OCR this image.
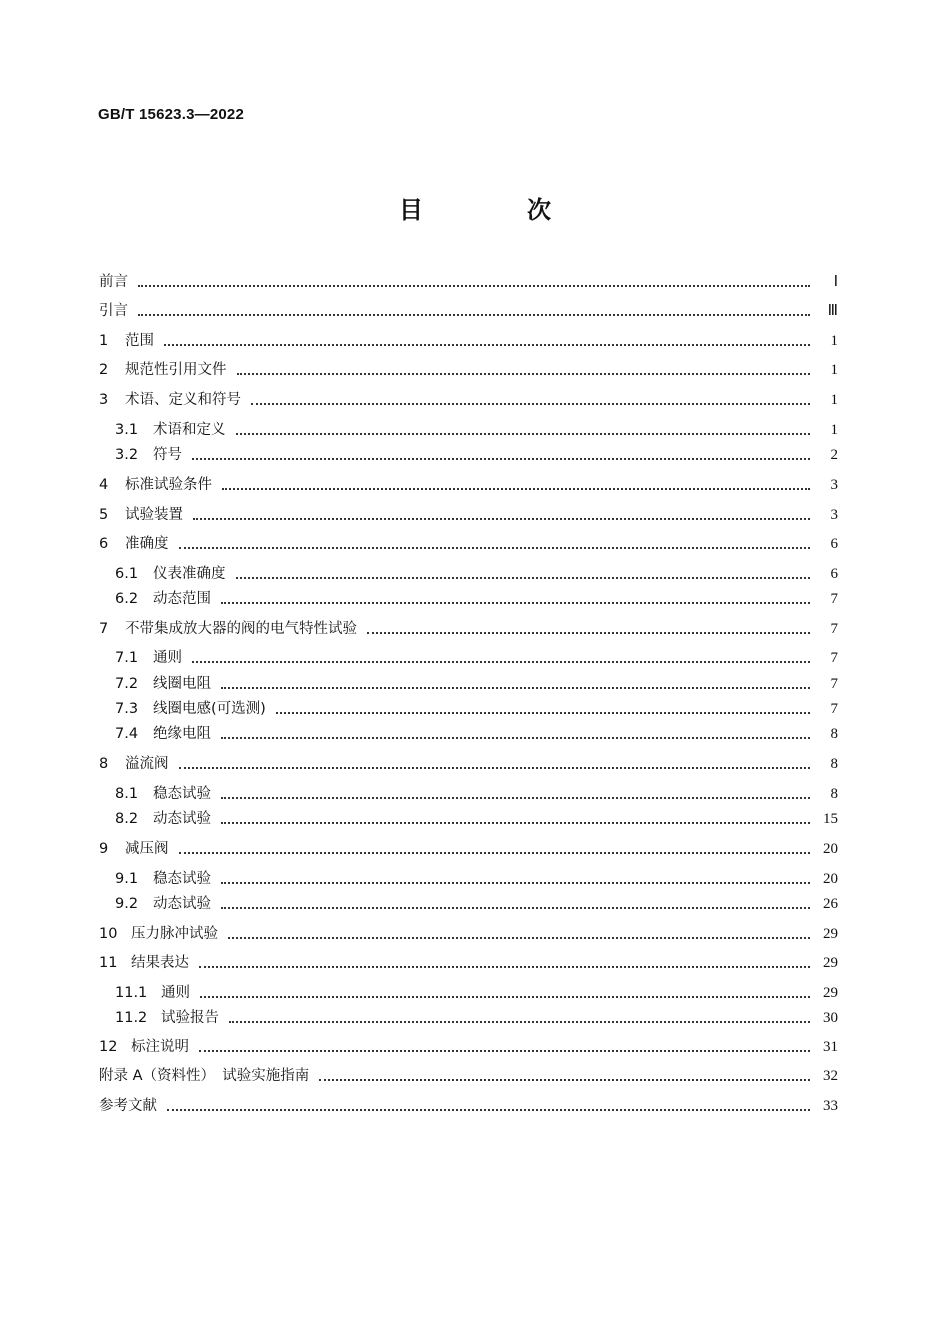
GB/T 15623.3—2022
目　次
前言	Ⅰ
引言	Ⅲ
1	范围	1
2	规范性引用文件	1
3	术语、定义和符号	1
3.1	术语和定义	1
3.2	符号	2
4	标准试验条件	3
5	试验装置	3
6	准确度	6
6.1	仪表准确度	6
6.2	动态范围	7
7	不带集成放大器的阀的电气特性试验	7
7.1	通则	7
7.2	线圈电阻	7
7.3	线圈电感(可选测)	7
7.4	绝缘电阻	8
8	溢流阀	8
8.1	稳态试验	8
8.2	动态试验	15
9	减压阀	20
9.1	稳态试验	20
9.2	动态试验	26
10 压力脉冲试验	29
11 结果表达	29
11.1 通则	29
11.2 试验报告	30
12 标注说明	31
附录 A（资料性）　试验实施指南	32
参考文献	33
